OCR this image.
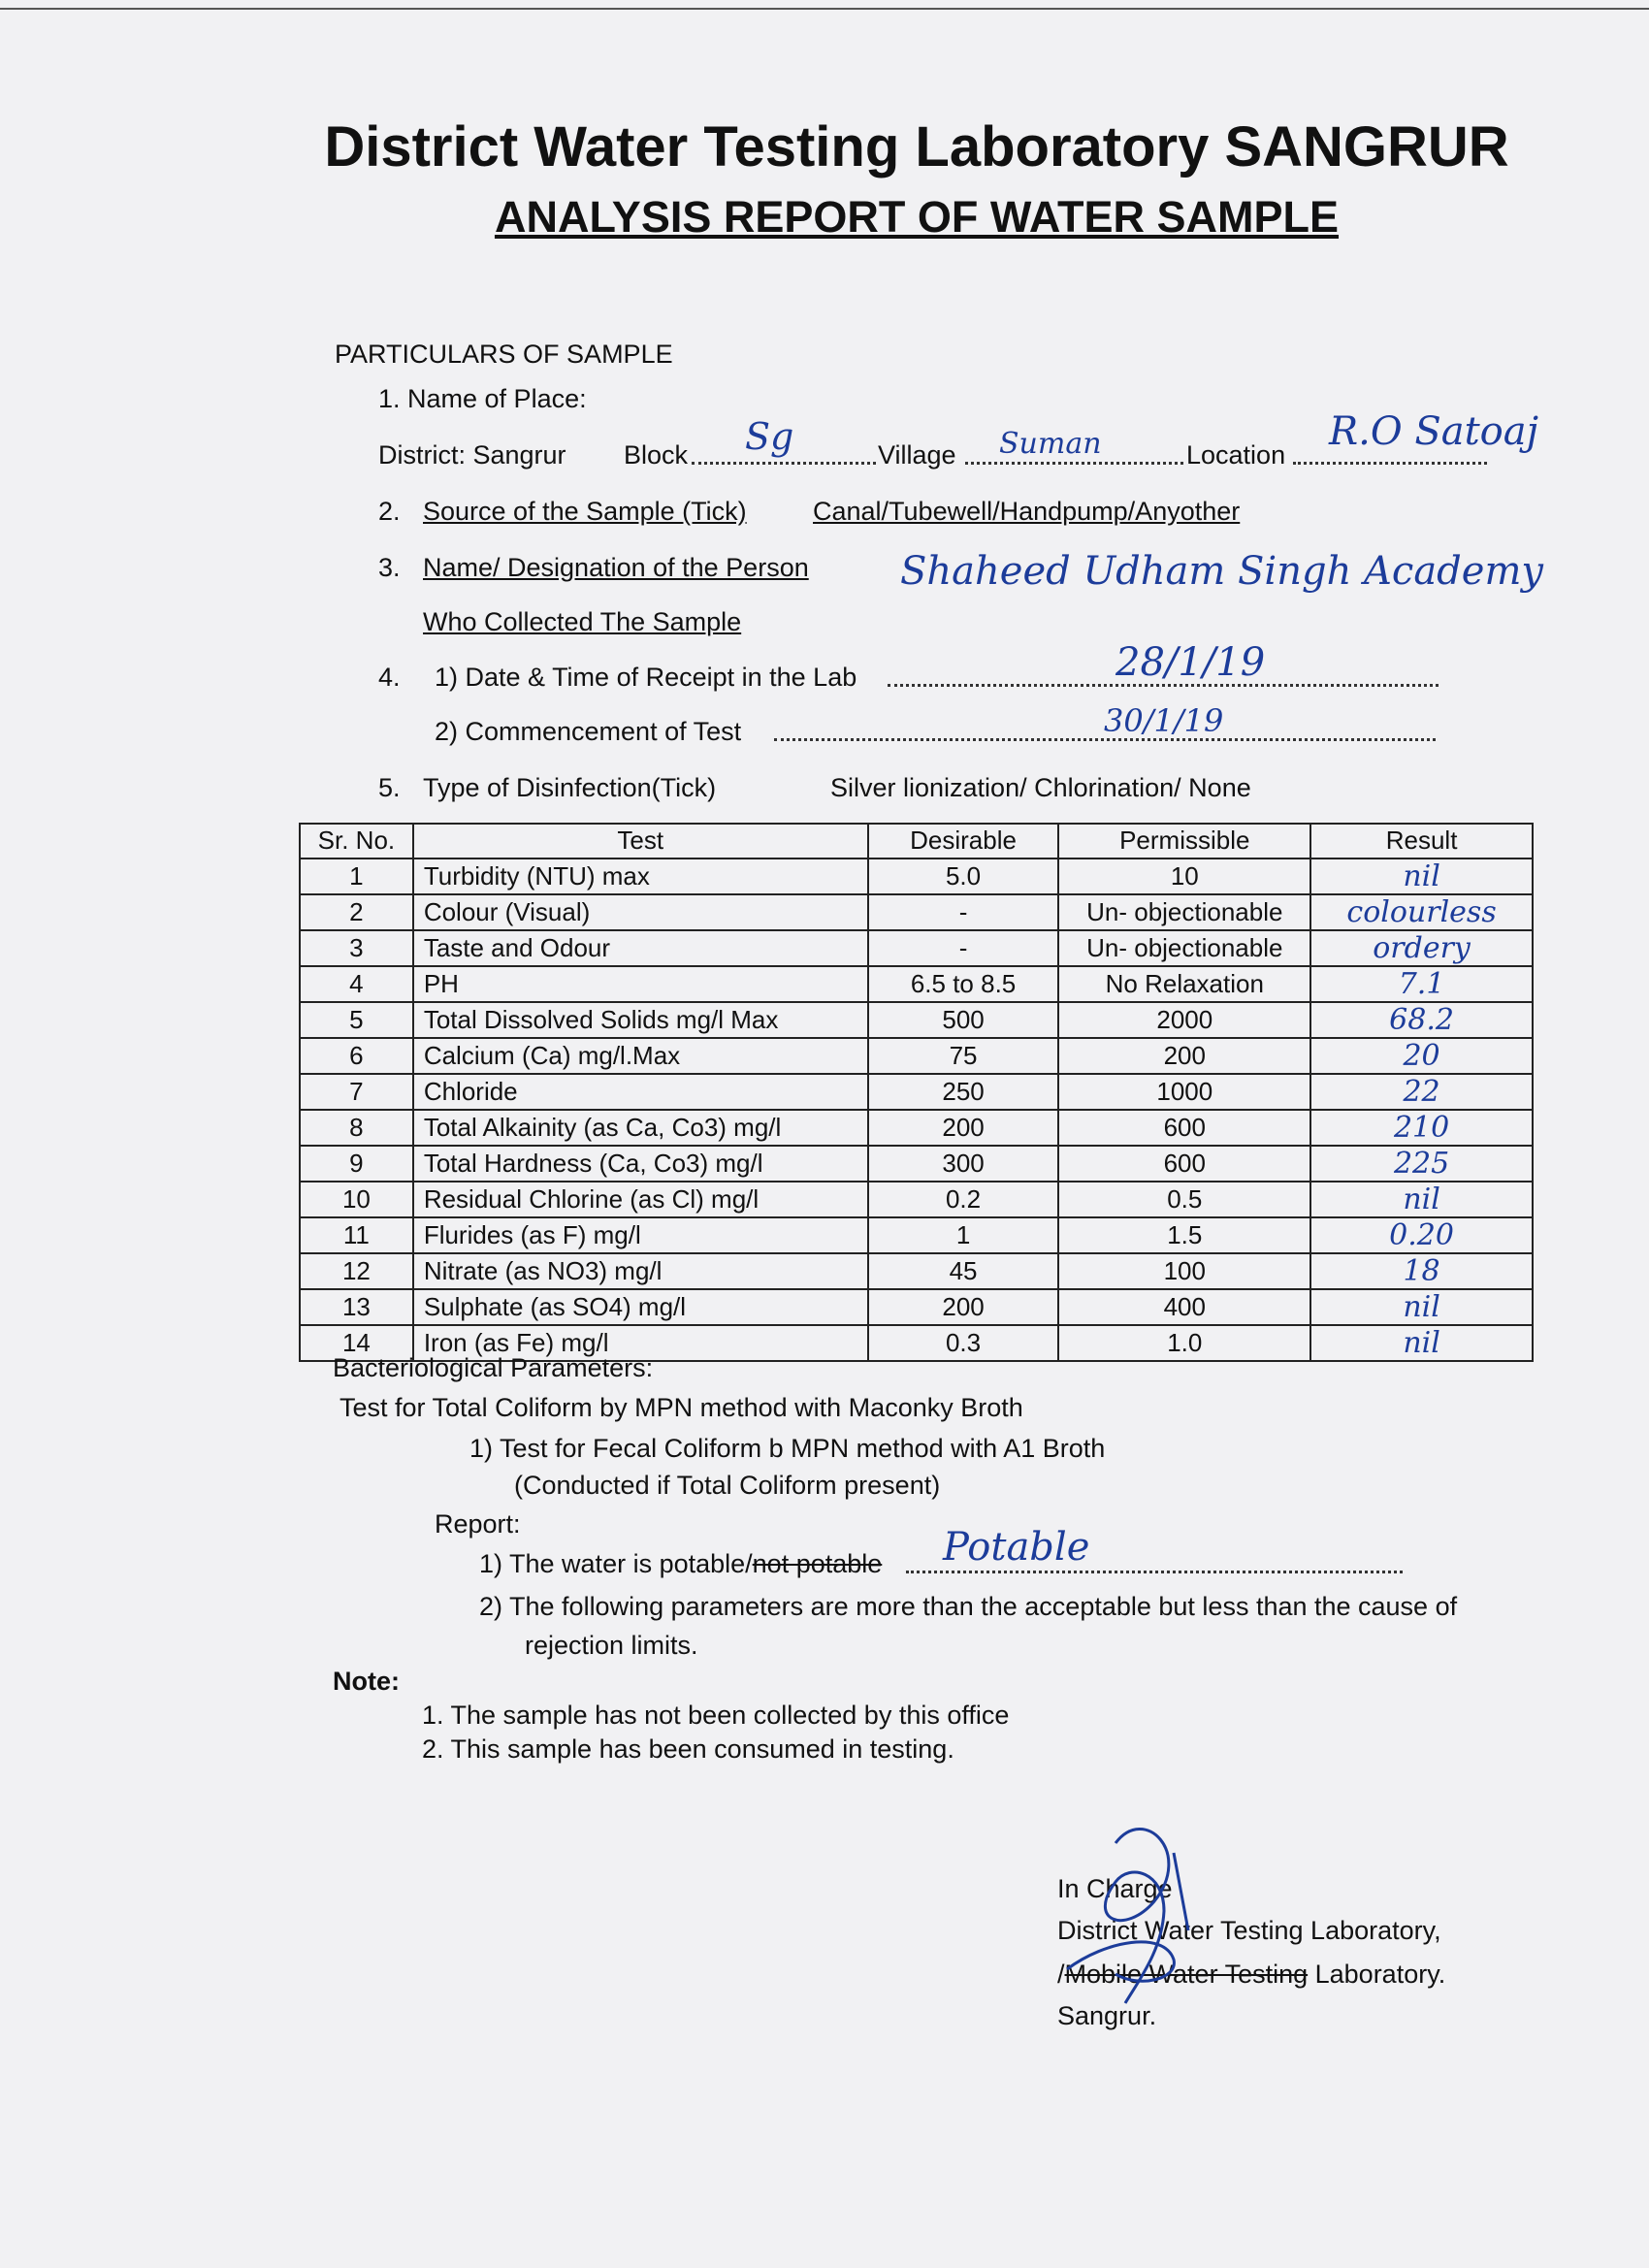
District Water Testing Laboratory SANGRUR
ANALYSIS REPORT OF WATER SAMPLE
PARTICULARS OF SAMPLE
1. Name of Place:
District: Sangrur Block Sg	Village Suman	Location
R.O Satoaj
2. Source of the Sample (Tick)	Canal/Tubewell/Handpump/Anyother
3. Name/ Designation of the Person
Who Collected The Sample
Shaheed Udham Singh Academy
4. 1) Date & Time of Receipt in the Lab	28/1/19
2) Commencement of Test	30/1/19
5. Type of Disinfection(Tick)	Silver lionization/ Chlorination/ None
Sr. No.	Test	Desirable	Permissible	Result
1	Turbidity (NTU) max	5.0	10	nil
2	Colour (Visual)	-	Un- objectionable	colourless
3	Taste and Odour	-	Un- objectionable	ordery
4	PH	6.5 to 8.5	No Relaxation	7.1
5	Total Dissolved Solids mg/l Max	500	2000	68.2
6	Calcium (Ca) mg/l.Max	75	200	20
7	Chloride	250	1000	22
8	Total Alkainity (as Ca, Co3) mg/l	200	600	210
9	Total Hardness (Ca, Co3) mg/l	300	600	225
10	Residual Chlorine (as Cl) mg/l	0.2	0.5	nil
11	Flurides (as F) mg/l	1	1.5	0.20
12	Nitrate (as NO3) mg/l	45	100	18
13	Sulphate (as SO4) mg/l	200	400	nil
14	Iron (as Fe) mg/l	0.3	1.0	nil
Bacteriological Parameters:
Test for Total Coliform by MPN method with Maconky Broth
1) Test for Fecal Coliform b MPN method with A1 Broth
(Conducted if Total Coliform present)
Report:
1) The water is potable/not potable Potable
2) The following parameters are more than the acceptable but less than the cause of
rejection limits.
Note:
1. The sample has not been collected by this office
2. This sample has been consumed in testing.
In Charge
District Water Testing Laboratory,
/Mobile Water Testing Laboratory.
Sangrur.
